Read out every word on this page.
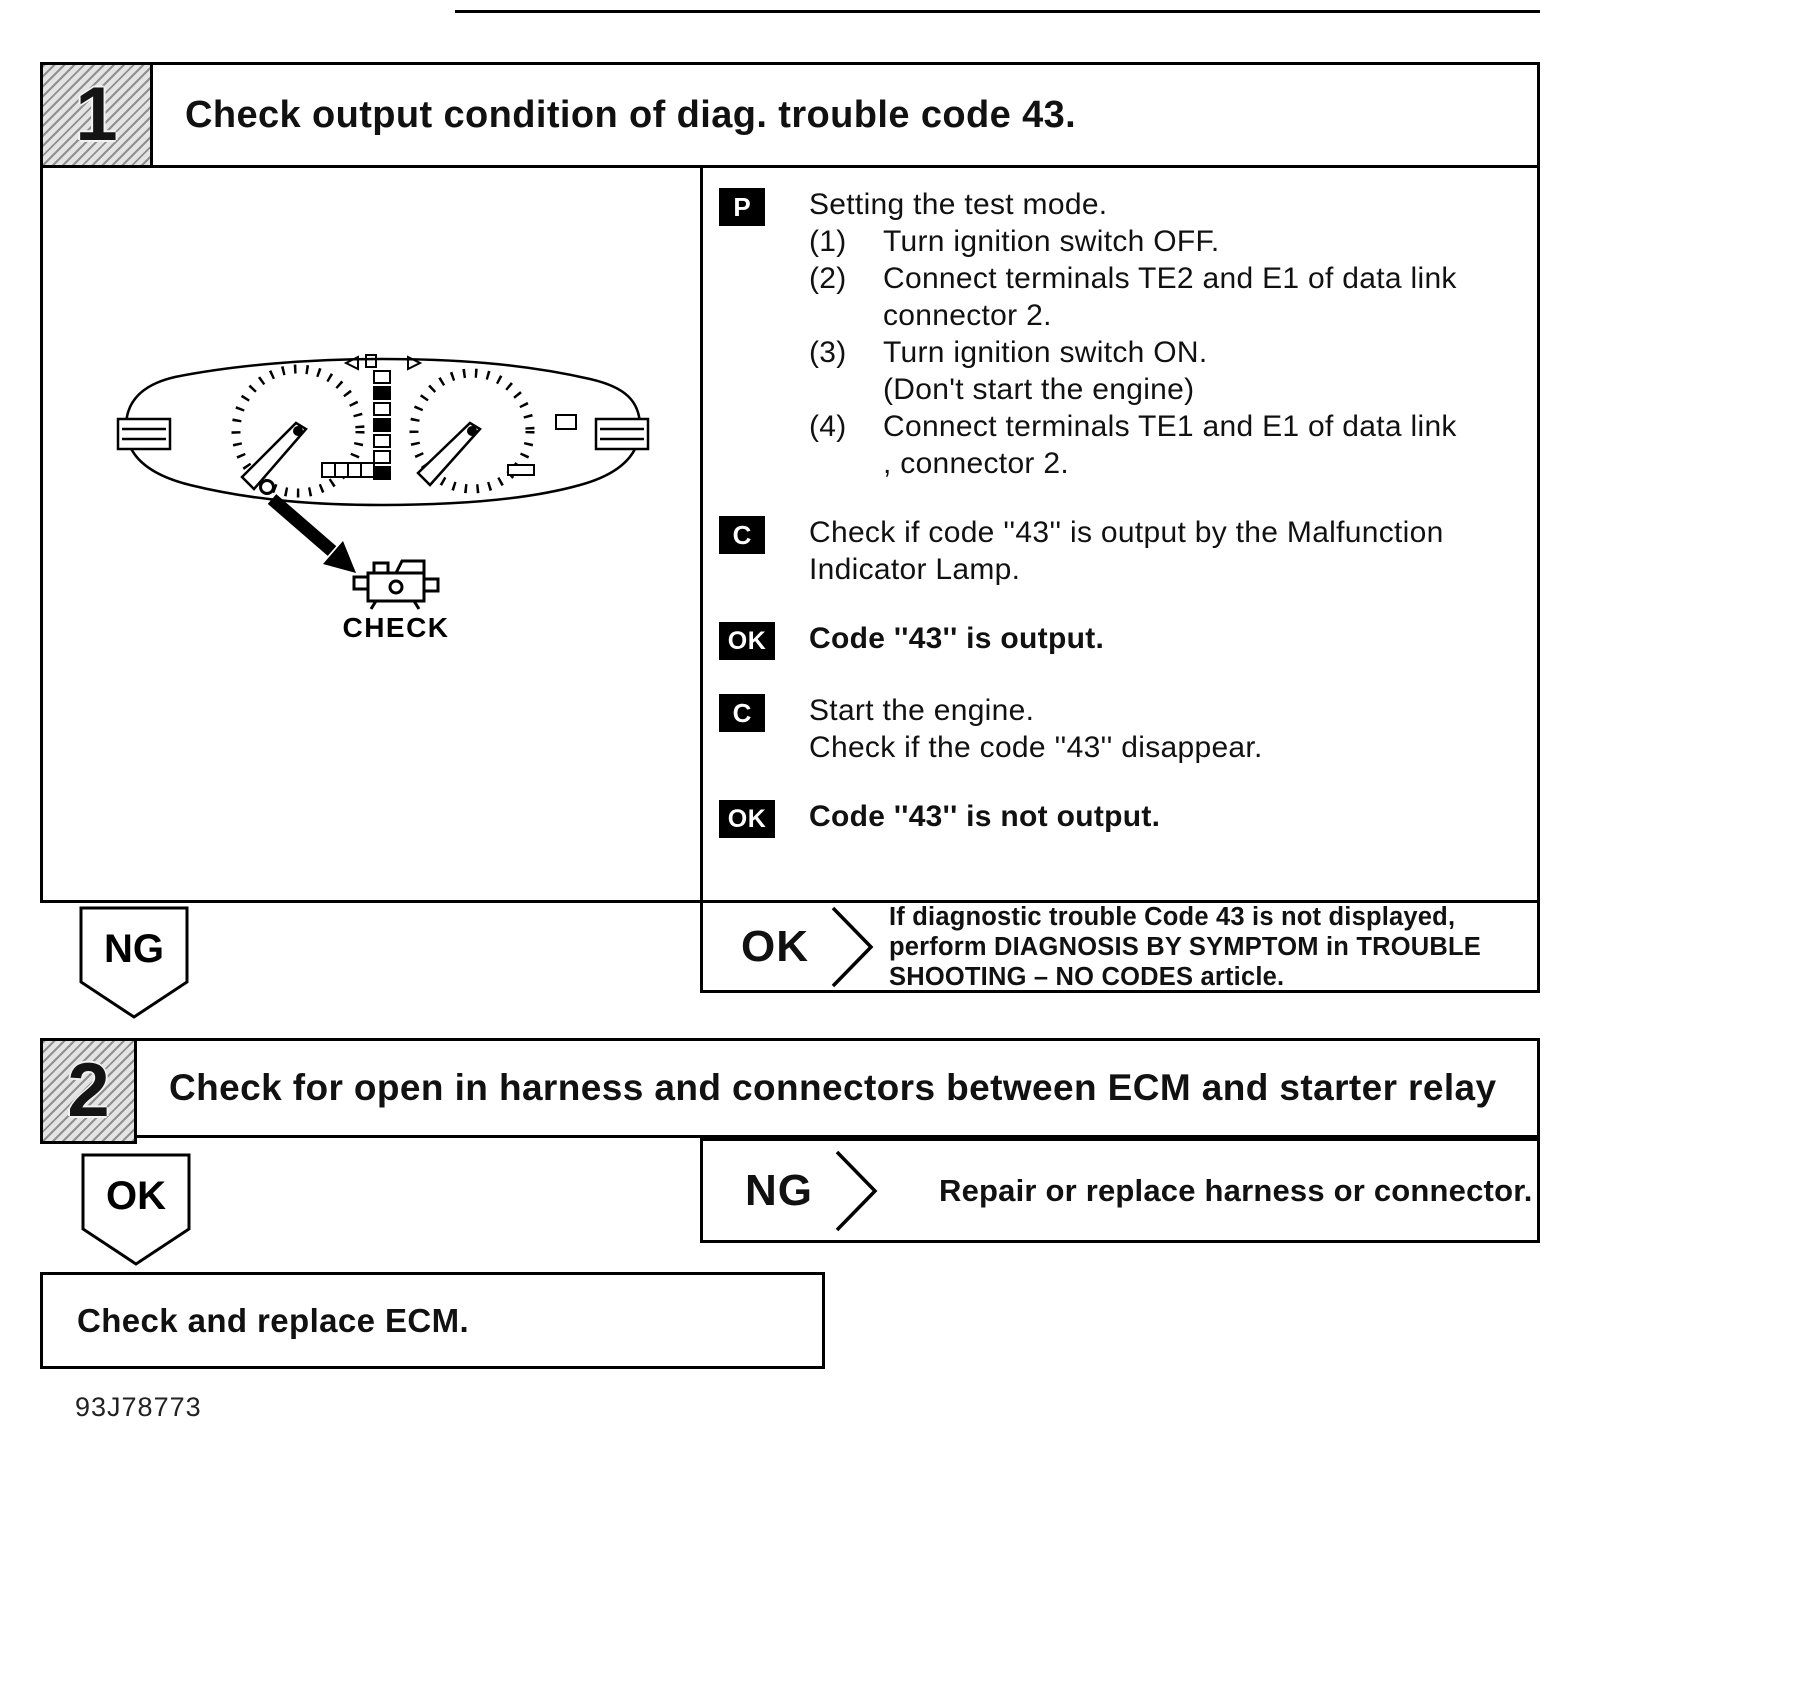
1 Check output condition of diag. trouble code 43.
CHECK
P	Setting the test mode.
(1)	Turn ignition switch OFF.
(2)	Connect terminals TE2 and E1 of data link
connector 2.
(3)	Turn ignition switch ON.
(Don't start the engine)
(4)	Connect terminals TE1 and E1 of data link
, connector 2.
C	Check if code ''43'' is output by the Malfunction Indicator Lamp.
OK Code ''43'' is output.
C	Start the engine.
Check if the code ''43'' disappear.
OK Code ''43'' is not output.
OK
If diagnostic trouble Code 43 is not displayed, perform DIAGNOSIS BY SYMPTOM in TROUBLE SHOOTING – NO CODES article.
NG
2 Check for open in harness and connectors between ECM and starter relay
NG	Repair or replace harness or connector.
OK
Check and replace ECM.
93J78773
